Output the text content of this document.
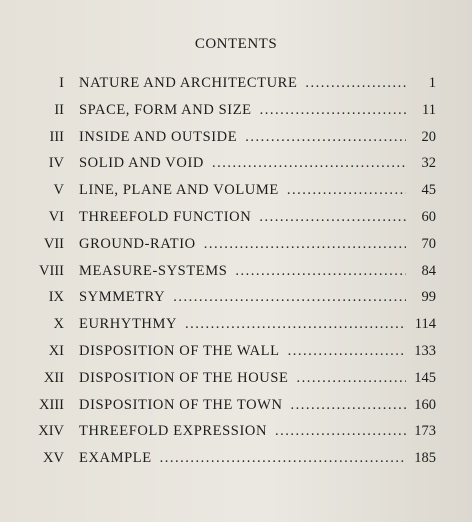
CONTENTS
I NATURE AND ARCHITECTURE .....	1
II SPACE, FORM AND SIZE .....	11
III INSIDE AND OUTSIDE .....	20
IV SOLID AND VOID .....	32
V LINE, PLANE AND VOLUME .....	45
VI THREEFOLD FUNCTION .....	60
VII GROUND-RATIO .....	70
VIII MEASURE-SYSTEMS .....	84
IX SYMMETRY .....	99
X EURHYTHMY .....	114
XI DISPOSITION OF THE WALL .....	133
XII DISPOSITION OF THE HOUSE .....	145
XIII DISPOSITION OF THE TOWN .....	160
XIV THREEFOLD EXPRESSION .....	173
XV EXAMPLE .....	185
